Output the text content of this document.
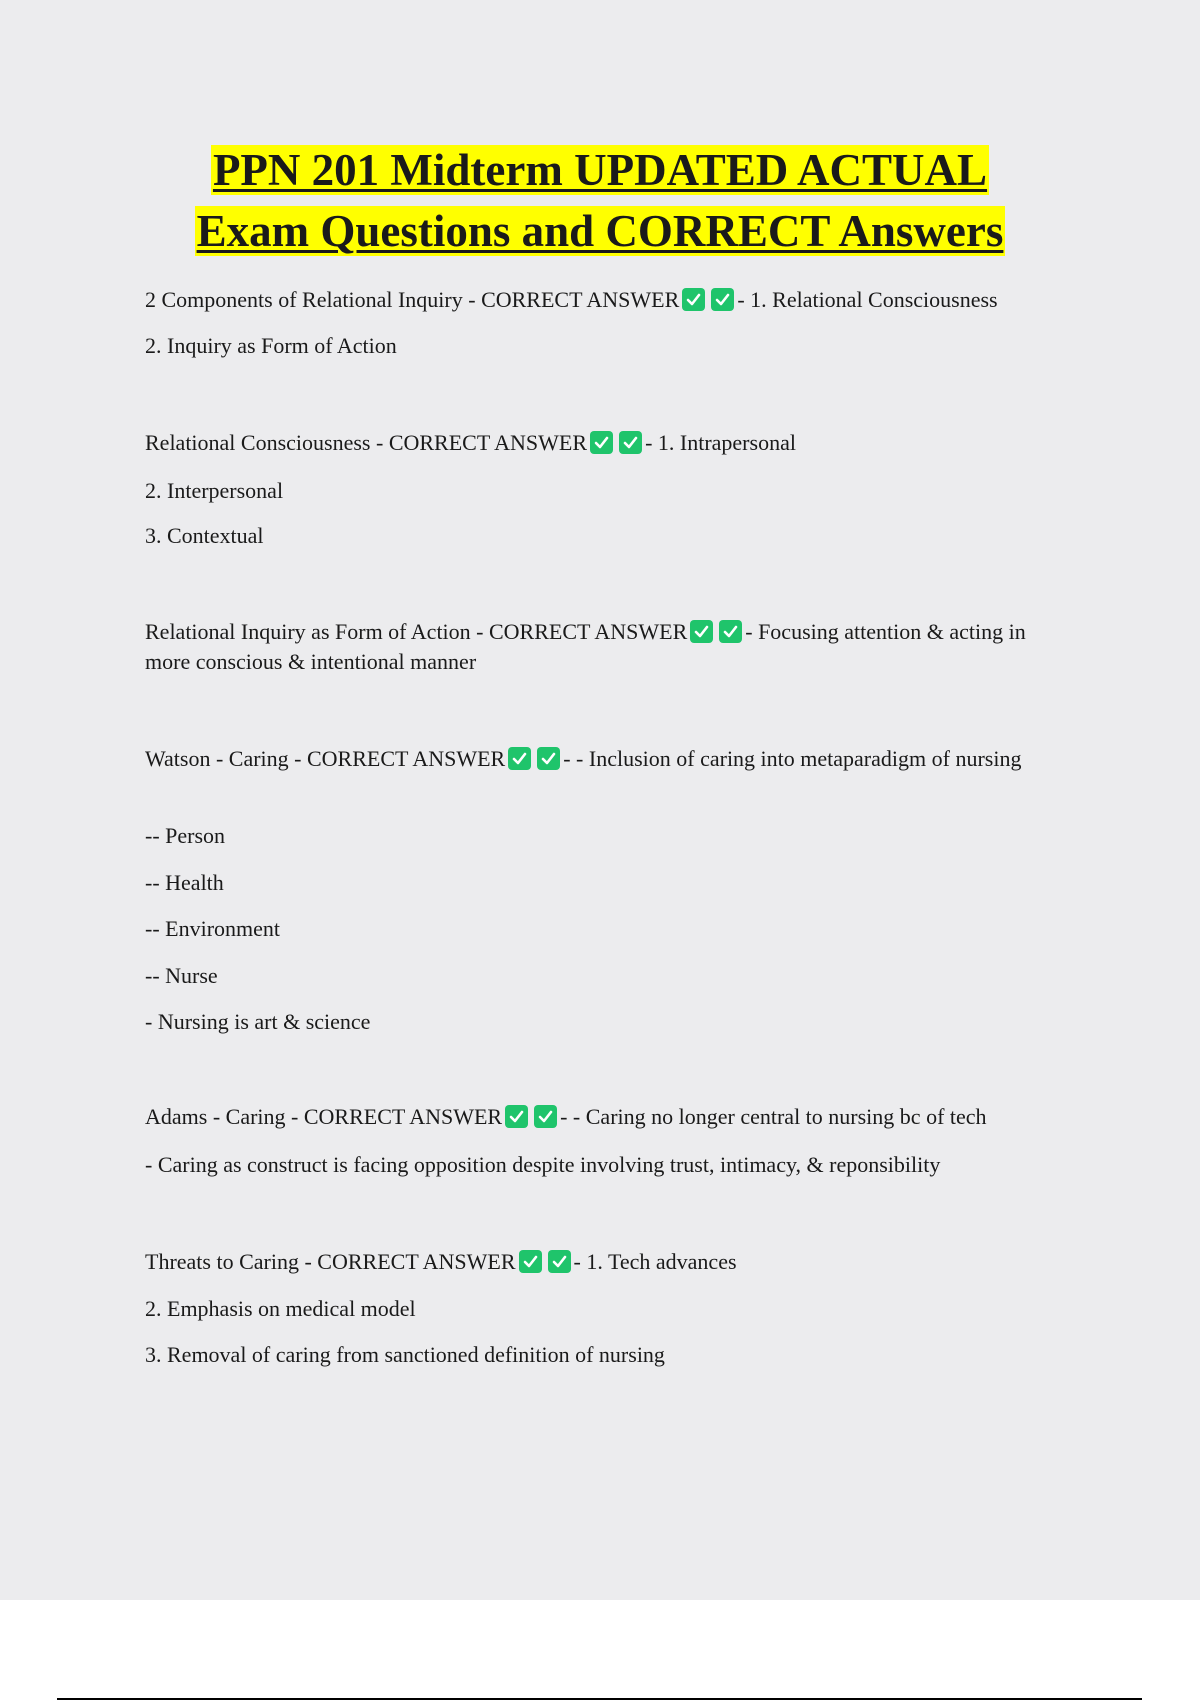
PPN 201 Midterm UPDATED ACTUAL
Exam Questions and CORRECT Answers
2 Components of Relational Inquiry - CORRECT ANSWER	- 1. Relational Consciousness
2. Inquiry as Form of Action
Relational Consciousness - CORRECT ANSWER	- 1. Intrapersonal
2. Interpersonal
3. Contextual
Relational Inquiry as Form of Action - CORRECT ANSWER	- Focusing attention & acting in more conscious & intentional manner
Watson - Caring - CORRECT ANSWER	- - Inclusion of caring into metaparadigm of nursing
-- Person
-- Health
-- Environment
-- Nurse
- Nursing is art & science
Adams - Caring - CORRECT ANSWER	- - Caring no longer central to nursing bc of tech
- Caring as construct is facing opposition despite involving trust, intimacy, & reponsibility
Threats to Caring - CORRECT ANSWER	- 1. Tech advances
2. Emphasis on medical model
3. Removal of caring from sanctioned definition of nursing
